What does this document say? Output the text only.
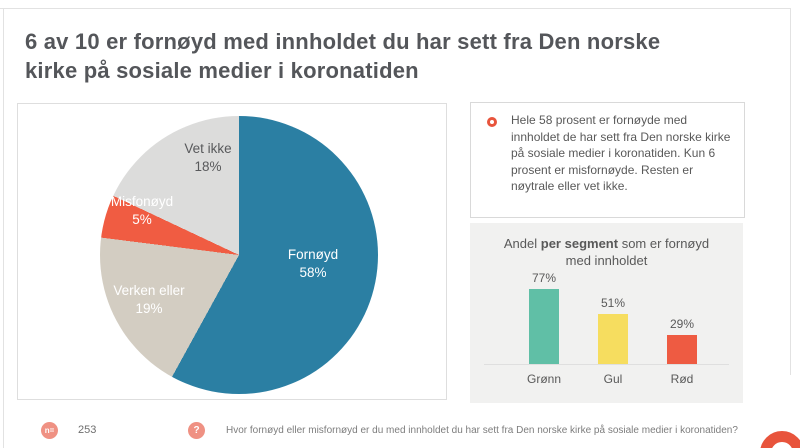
6 av 10 er fornøyd med innholdet du har sett fra Den norske
kirke på sosiale medier i koronatiden
Fornøyd
58%
Verken eller
19%
Misfonøyd
5%
Vet ikke
18%
Hele 58 prosent er fornøyde med innholdet de har sett fra Den norske kirke på sosiale medier i koronatiden. Kun 6 prosent er misfornøyde. Resten er nøytrale eller vet ikke.
Andel per segment som er fornøyd med innholdet
77%
51%
29%
Grønn	Gul	Rød
n=	253	?	Hvor fornøyd eller misfornøyd er du med innholdet du har sett fra Den norske kirke på sosiale medier i koronatiden?
